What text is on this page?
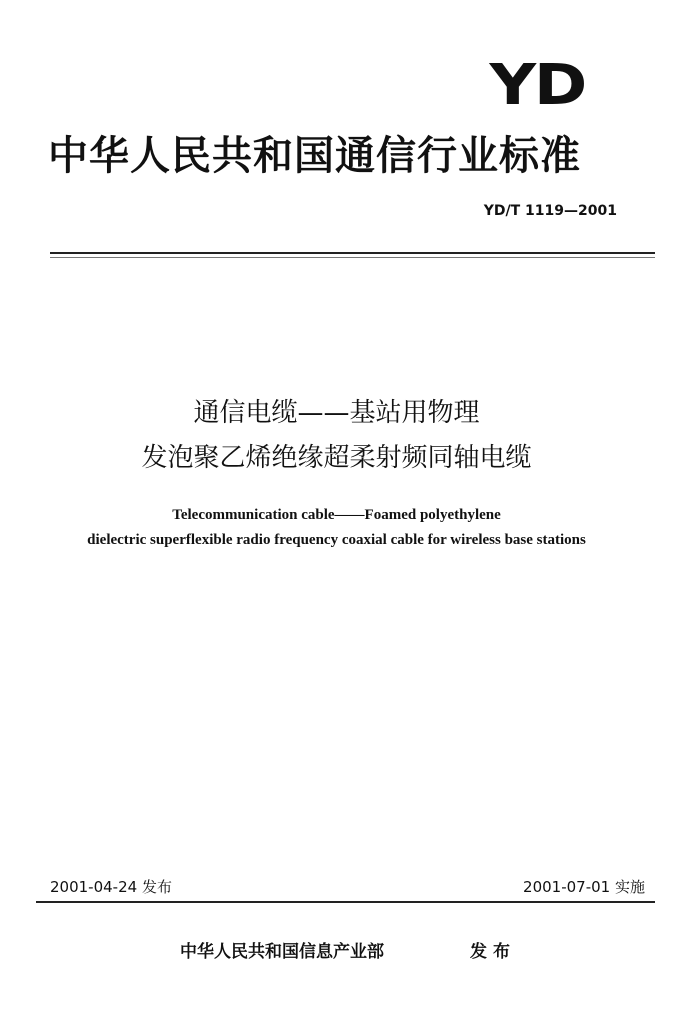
YD
中华人民共和国通信行业标准
YD/T 1119—2001
通信电缆——基站用物理
发泡聚乙烯绝缘超柔射频同轴电缆
Telecommunication cable——Foamed polyethylene
dielectric superflexible radio frequency coaxial cable for wireless base stations
2001-04-24 发布	2001-07-01 实施
中华人民共和国信息产业部	发布
